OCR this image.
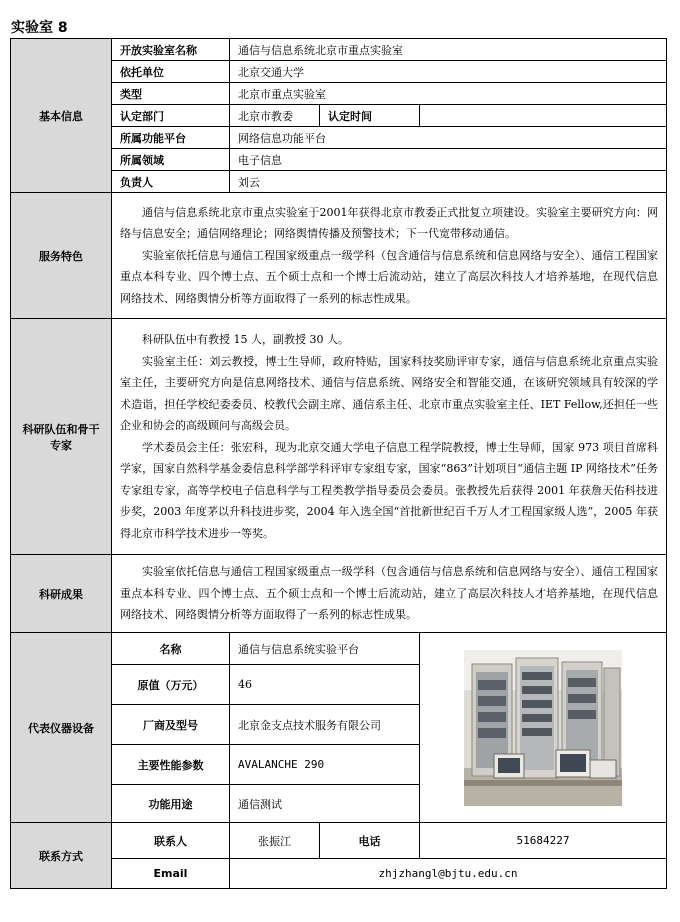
实验室 8
基本信息	开放实验室名称	通信与信息系统北京市重点实验室		
	依托单位	北京交通大学		
	类型	北京市重点实验室		
	认定部门	北京市教委	认定时间	
	所属功能平台	网络信息功能平台		
	所属领域	电子信息		
	负责人	刘云		
服务特色	通信与信息系统北京市重点实验室于2001年获得北京市教委正式批复立项建设。实验室主要研究方向：网络与信息安全；通信网络理论；网络舆情传播及预警技术；下一代宽带移动通信。

实验室依托信息与通信工程国家级重点一级学科（包含通信与信息系统和信息网络与安全）、通信工程国家重点本科专业、四个博士点、五个硕士点和一个博士后流动站，建立了高层次科技人才培养基地，在现代信息网络技术、网络舆情分析等方面取得了一系列的标志性成果。			

科研队伍和骨干专家	科研队伍中有教授 15 人，副教授 30 人。

实验室主任：刘云教授，博士生导师，政府特贴，国家科技奖励评审专家，通信与信息系统北京重点实验室主任，主要研究方向是信息网络技术、通信与信息系统、网络安全和智能交通，在该研究领域具有较深的学术造诣，担任学校纪委委员、校教代会副主席、通信系主任、北京市重点实验室主任、IET Fellow,还担任一些企业和协会的高级顾问与高级会员。

学术委员会主任：张宏科，现为北京交通大学电子信息工程学院教授，博士生导师，国家 973 项目首席科学家，国家自然科学基金委信息科学部学科评审专家组专家，国家“863”计划项目“通信主题 IP 网络技术”任务专家组专家，高等学校电子信息科学与工程类教学指导委员会委员。张教授先后获得 2001 年获詹天佑科技进步奖，2003 年度茅以升科技进步奖，2004 年入选全国“首批新世纪百千万人才工程国家级人选”，2005 年获得北京市科学技术进步一等奖。			

科研成果	实验室依托信息与通信工程国家级重点一级学科（包含通信与信息系统和信息网络与安全）、通信工程国家重点本科专业、四个博士点、五个硕士点和一个博士后流动站，建立了高层次科技人才培养基地，在现代信息网络技术、网络舆情分析等方面取得了一系列的标志性成果。			

代表仪器设备	名称	通信与信息系统实验平台	

	原值（万元）	46		
	厂商及型号	北京金支点技术服务有限公司		
	主要性能参数	AVALANCHE 290		
	功能用途	通信测试		
联系方式	联系人	张振江	电话	51684227
	Email	zhjzhangl@bjtu.edu.cn		
